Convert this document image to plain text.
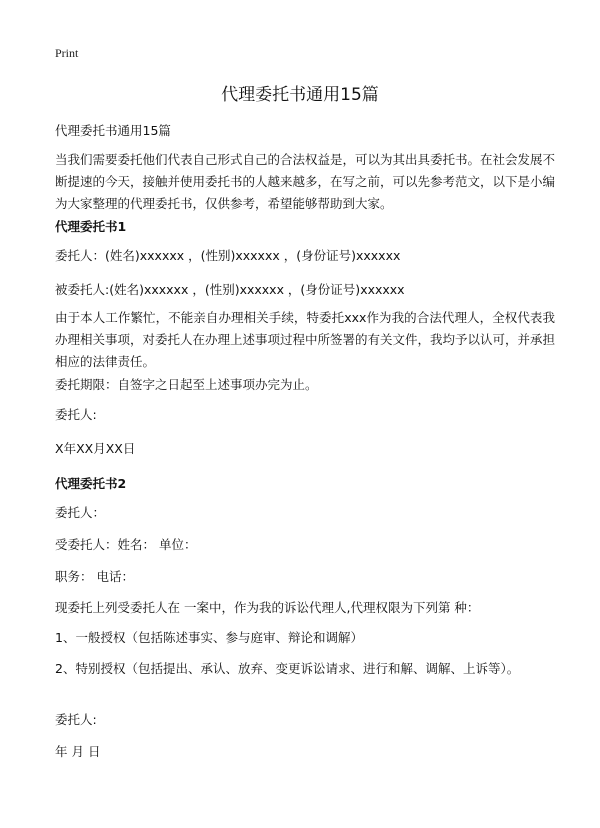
Print
代理委托书通用15篇
代理委托书通用15篇
当我们需要委托他们代表自己形式自己的合法权益是，可以为其出具委托书。在社会发展不断提速的今天，接触并使用委托书的人越来越多，在写之前，可以先参考范文，以下是小编为大家整理的代理委托书，仅供参考，希望能够帮助到大家。
代理委托书1
委托人：(姓名)xxxxxx ，(性别)xxxxxx ，(身份证号)xxxxxx
被委托人:(姓名)xxxxxx ，(性别)xxxxxx ，(身份证号)xxxxxx
由于本人工作繁忙，不能亲自办理相关手续，特委托xxx作为我的合法代理人，全权代表我办理相关事项，对委托人在办理上述事项过程中所签署的有关文件，我均予以认可，并承担相应的法律责任。
委托期限：自签字之日起至上述事项办完为止。
委托人:
X年XX月XX日
代理委托书2
委托人：
受委托人：姓名： 单位：
职务： 电话：
现委托上列受委托人在 一案中，作为我的诉讼代理人,代理权限为下列第 种：
1、一般授权（包括陈述事实、参与庭审、辩论和调解）
2、特别授权（包括提出、承认、放弃、变更诉讼请求、进行和解、调解、上诉等）。
委托人:
年 月 日
